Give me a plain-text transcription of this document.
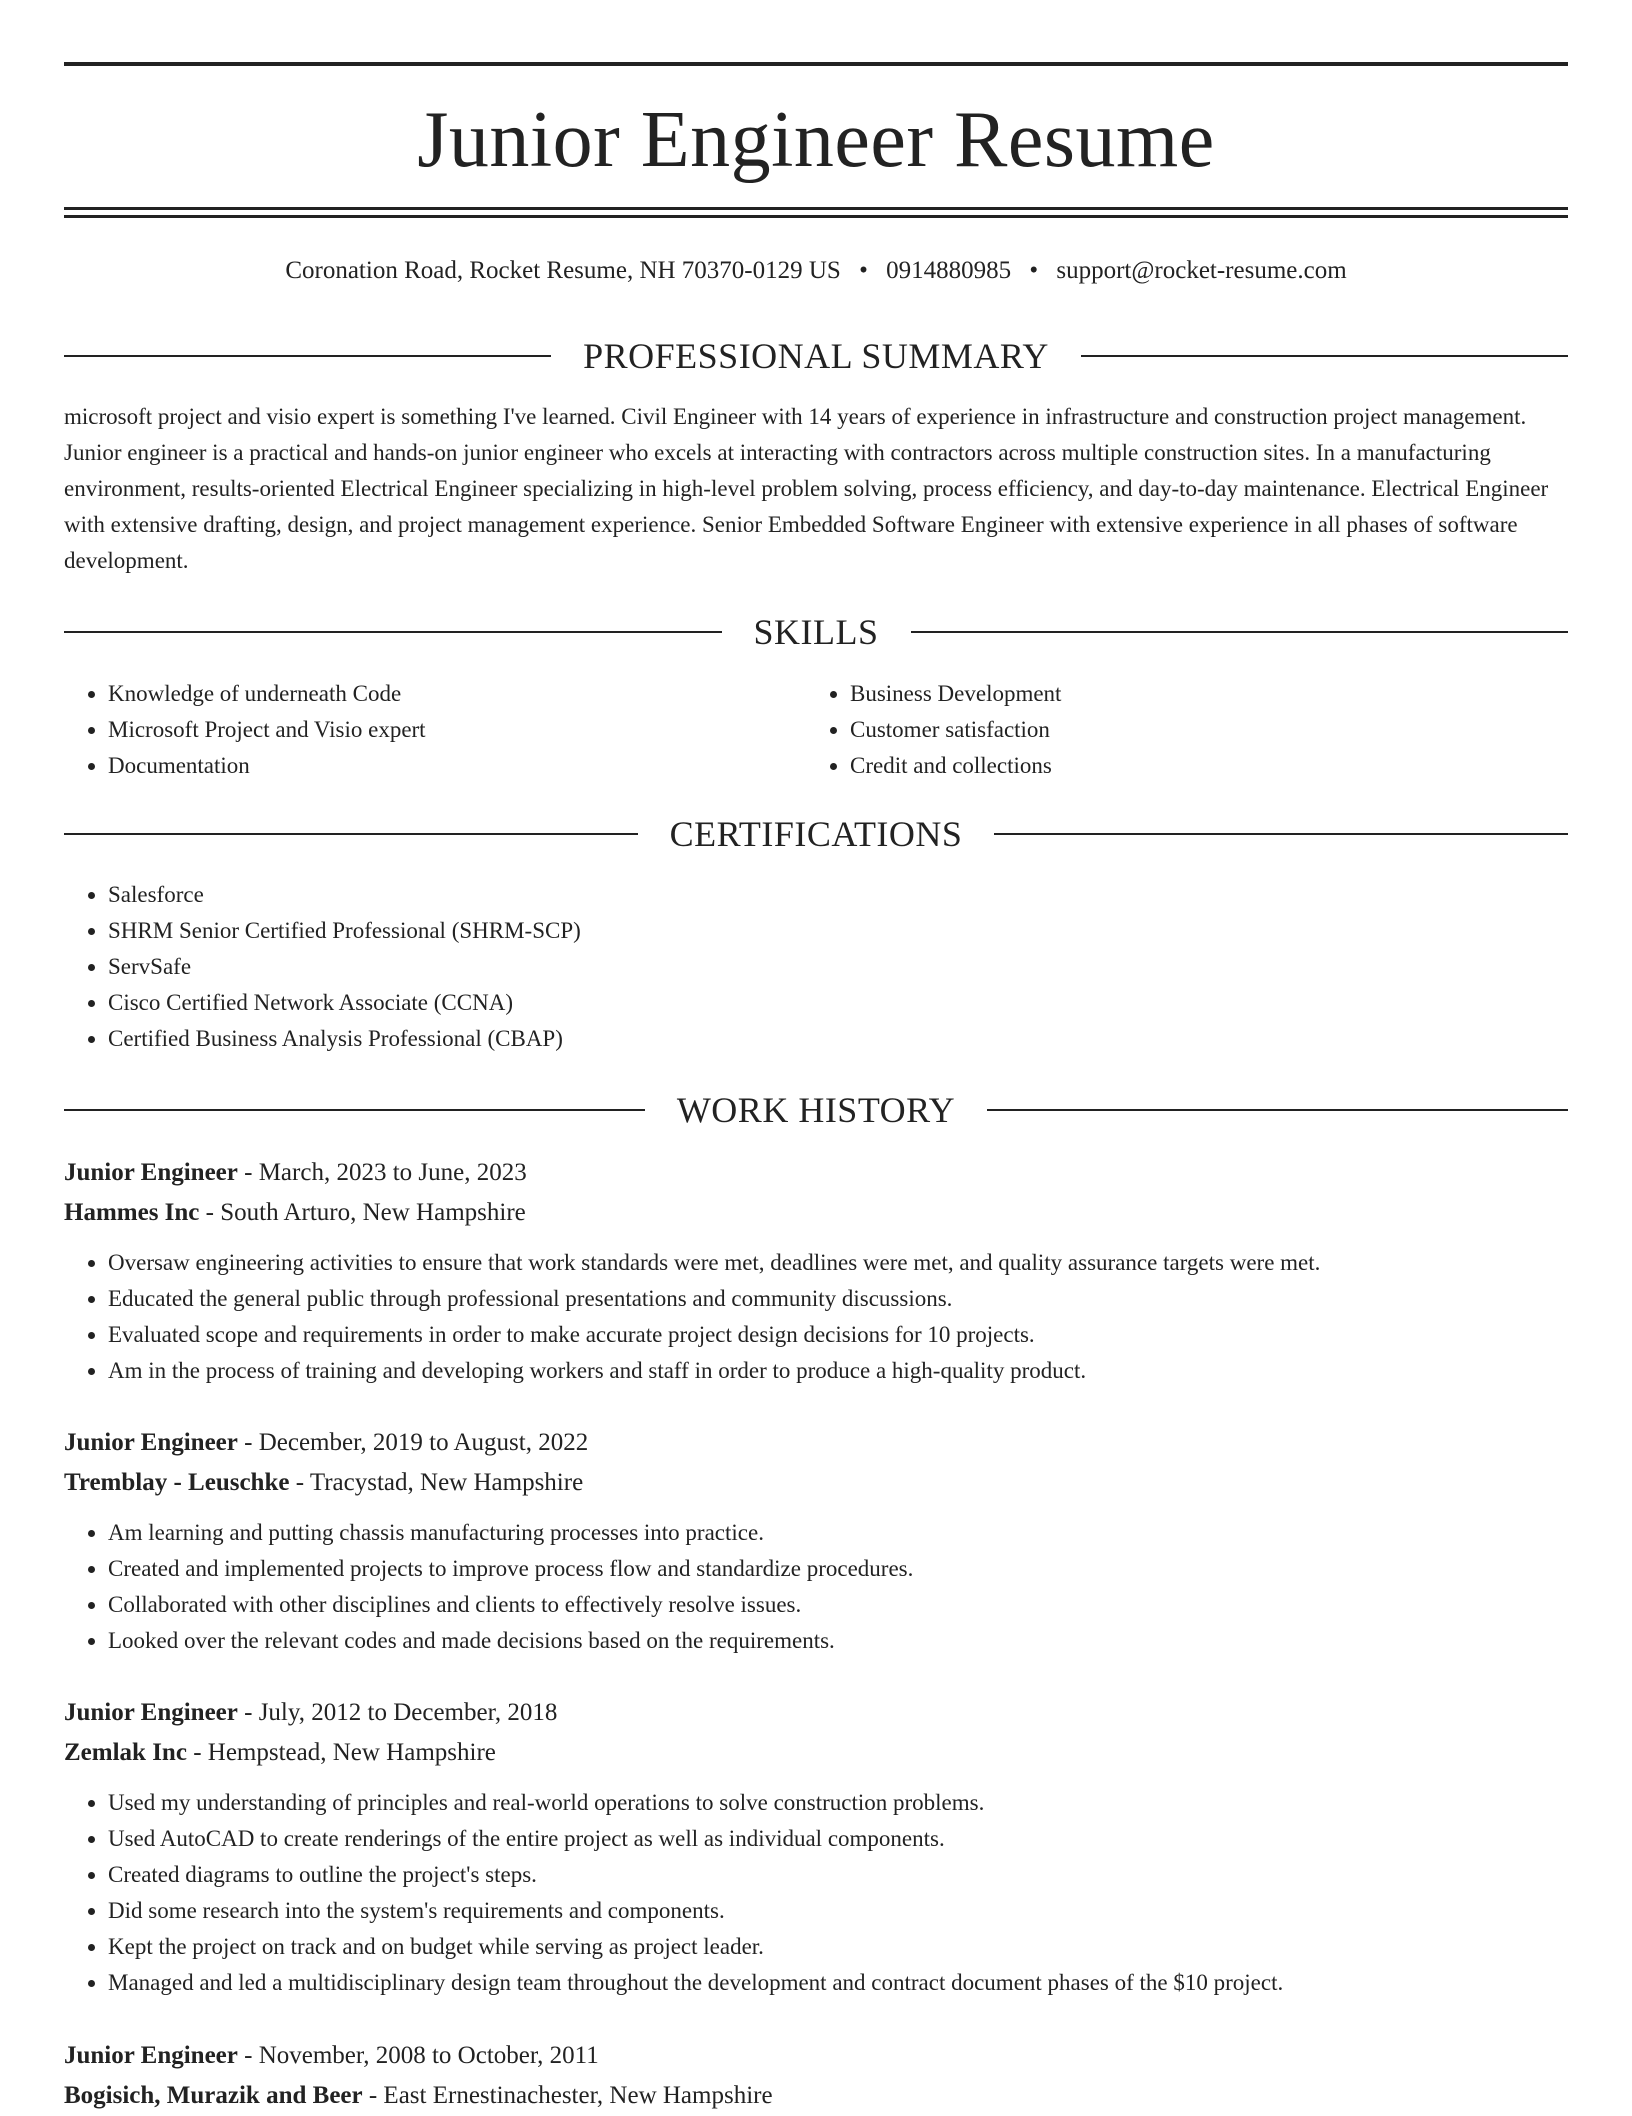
Junior Engineer Resume
Coronation Road, Rocket Resume, NH 70370-0129 US • 0914880985 • support@rocket-resume.com
PROFESSIONAL SUMMARY

microsoft project and visio expert is something I've learned. Civil Engineer with 14 years of experience in infrastructure and construction project management. Junior engineer is a practical and hands-on junior engineer who excels at interacting with contractors across multiple construction sites. In a manufacturing environment, results-oriented Electrical Engineer specializing in high-level problem solving, process efficiency, and day-to-day maintenance. Electrical Engineer with extensive drafting, design, and project management experience. Senior Embedded Software Engineer with extensive experience in all phases of software development.

SKILLS
• Knowledge of underneath Code
• Microsoft Project and Visio expert
• Documentation
• Business Development
• Customer satisfaction
• Credit and collections
CERTIFICATIONS
• Salesforce
• SHRM Senior Certified Professional (SHRM-SCP)
• ServSafe
• Cisco Certified Network Associate (CCNA)
• Certified Business Analysis Professional (CBAP)
WORK HISTORY
Junior Engineer - March, 2023 to June, 2023
Hammes Inc - South Arturo, New Hampshire
• Oversaw engineering activities to ensure that work standards were met, deadlines were met, and quality assurance targets were met.
• Educated the general public through professional presentations and community discussions.
• Evaluated scope and requirements in order to make accurate project design decisions for 10 projects.
• Am in the process of training and developing workers and staff in order to produce a high-quality product.
Junior Engineer - December, 2019 to August, 2022
Tremblay - Leuschke - Tracystad, New Hampshire
• Am learning and putting chassis manufacturing processes into practice.
• Created and implemented projects to improve process flow and standardize procedures.
• Collaborated with other disciplines and clients to effectively resolve issues.
• Looked over the relevant codes and made decisions based on the requirements.
Junior Engineer - July, 2012 to December, 2018
Zemlak Inc - Hempstead, New Hampshire
• Used my understanding of principles and real-world operations to solve construction problems.
• Used AutoCAD to create renderings of the entire project as well as individual components.
• Created diagrams to outline the project's steps.
• Did some research into the system's requirements and components.
• Kept the project on track and on budget while serving as project leader.
• Managed and led a multidisciplinary design team throughout the development and contract document phases of the $10 project.
Junior Engineer - November, 2008 to October, 2011
Bogisich, Murazik and Beer - East Ernestinachester, New Hampshire
